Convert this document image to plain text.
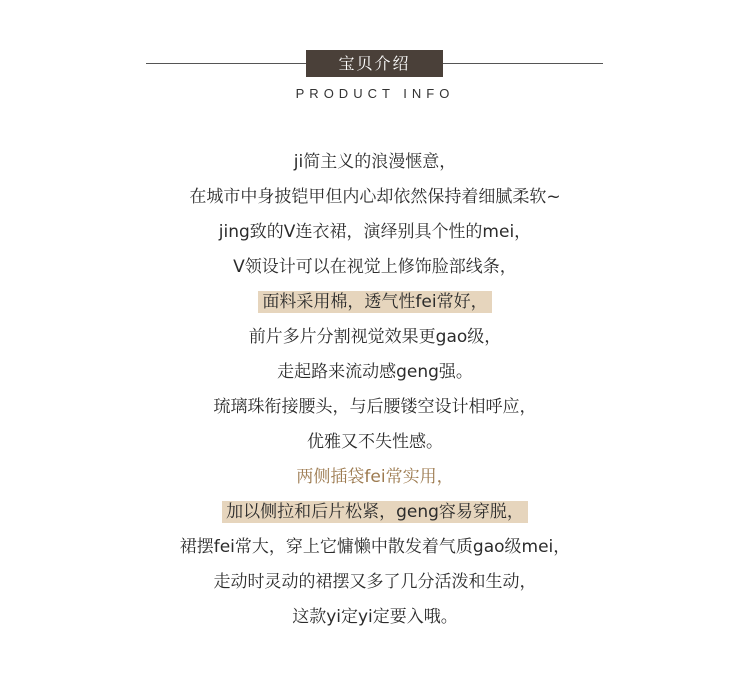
宝贝介绍
PRODUCT INFO
ji简主义的浪漫惬意，
在城市中身披铠甲但内心却依然保持着细腻柔软~
jing致的V连衣裙，演绎别具个性的mei，
V领设计可以在视觉上修饰脸部线条，
面料采用棉，透气性fei常好，
前片多片分割视觉效果更gao级，
走起路来流动感geng强。
琉璃珠衔接腰头，与后腰镂空设计相呼应，
优雅又不失性感。
两侧插袋fei常实用，
加以侧拉和后片松紧，geng容易穿脱，
裙摆fei常大，穿上它慵懒中散发着气质gao级mei，
走动时灵动的裙摆又多了几分活泼和生动，
这款yi定yi定要入哦。
